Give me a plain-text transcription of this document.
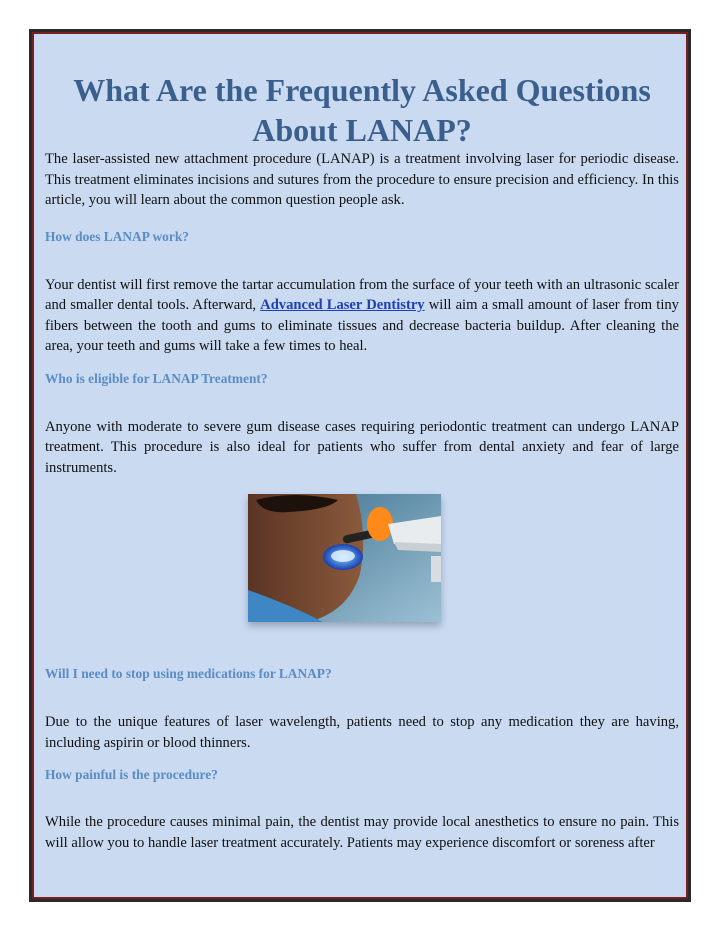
What Are the Frequently Asked Questions About LANAP?

The laser-assisted new attachment procedure (LANAP) is a treatment involving laser for periodic disease. This treatment eliminates incisions and sutures from the procedure to ensure precision and efficiency. In this article, you will learn about the common question people ask.

How does LANAP work?

Your dentist will first remove the tartar accumulation from the surface of your teeth with an ultrasonic scaler and smaller dental tools. Afterward, Advanced Laser Dentistry will aim a small amount of laser from tiny fibers between the tooth and gums to eliminate tissues and decrease bacteria buildup. After cleaning the area, your teeth and gums will take a few times to heal.

Who is eligible for LANAP Treatment?

Anyone with moderate to severe gum disease cases requiring periodontic treatment can undergo LANAP treatment. This procedure is also ideal for patients who suffer from dental anxiety and fear of large instruments.

Will I need to stop using medications for LANAP?

Due to the unique features of laser wavelength, patients need to stop any medication they are having, including aspirin or blood thinners.

How painful is the procedure?

While the procedure causes minimal pain, the dentist may provide local anesthetics to ensure no pain. This will allow you to handle laser treatment accurately. Patients may experience discomfort or soreness after
